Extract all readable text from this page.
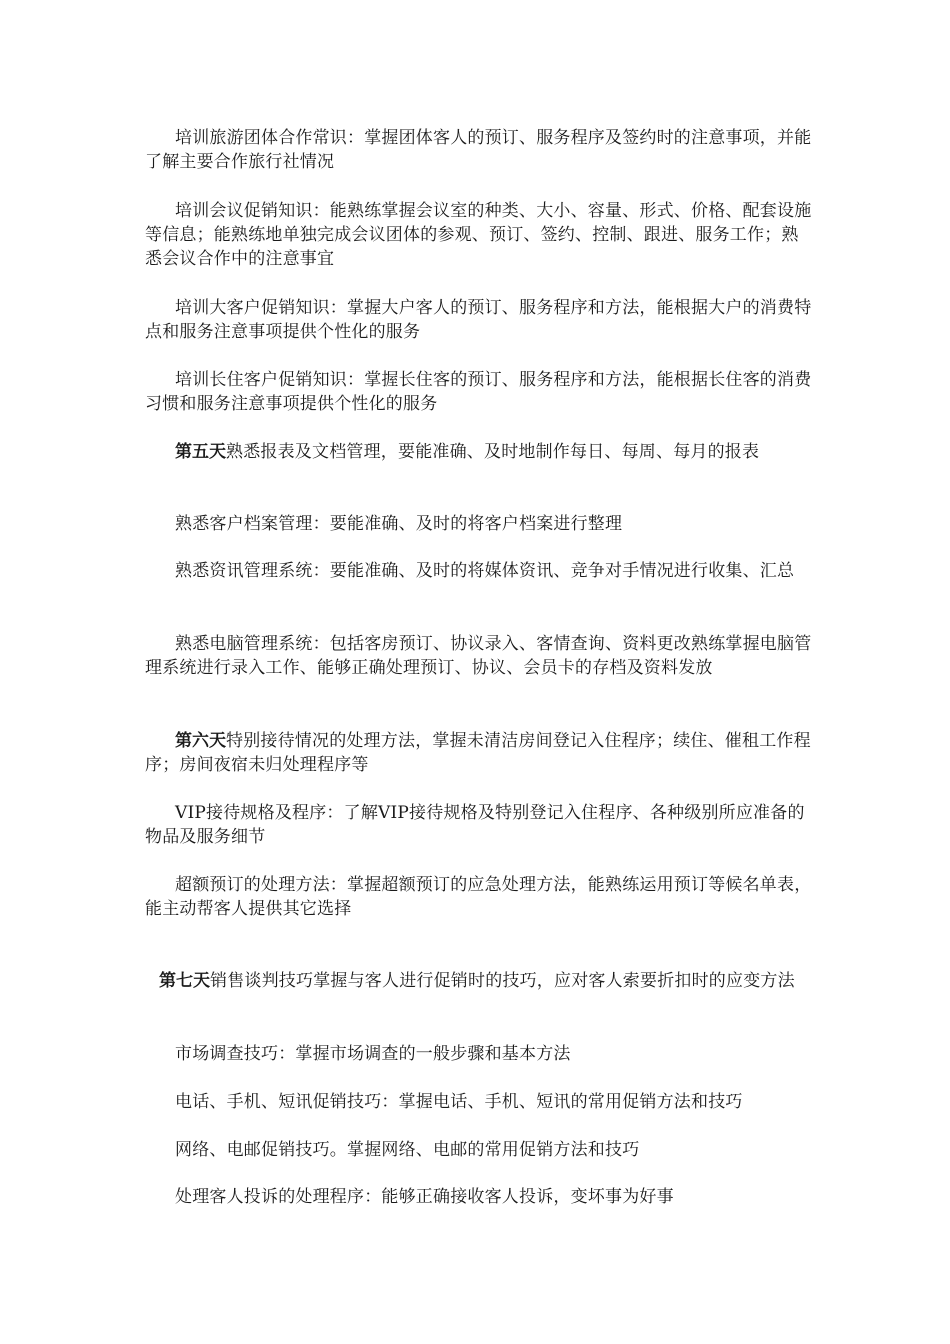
培训旅游团体合作常识：掌握团体客人的预订、服务程序及签约时的注意事项，并能了解主要合作旅行社情况

培训会议促销知识：能熟练掌握会议室的种类、大小、容量、形式、价格、配套设施等信息；能熟练地单独完成会议团体的参观、预订、签约、控制、跟进、服务工作；熟悉会议合作中的注意事宜

培训大客户促销知识：掌握大户客人的预订、服务程序和方法，能根据大户的消费特点和服务注意事项提供个性化的服务

培训长住客户促销知识：掌握长住客的预订、服务程序和方法，能根据长住客的消费习惯和服务注意事项提供个性化的服务

第五天熟悉报表及文档管理，要能准确、及时地制作每日、每周、每月的报表

熟悉客户档案管理：要能准确、及时的将客户档案进行整理

熟悉资讯管理系统：要能准确、及时的将媒体资讯、竞争对手情况进行收集、汇总

熟悉电脑管理系统：包括客房预订、协议录入、客情查询、资料更改熟练掌握电脑管理系统进行录入工作、能够正确处理预订、协议、会员卡的存档及资料发放

第六天特别接待情况的处理方法，掌握未清洁房间登记入住程序；续住、催租工作程序；房间夜宿未归处理程序等

VIP接待规格及程序：了解VIP接待规格及特别登记入住程序、各种级别所应准备的物品及服务细节

超额预订的处理方法：掌握超额预订的应急处理方法，能熟练运用预订等候名单表，能主动帮客人提供其它选择

第七天销售谈判技巧掌握与客人进行促销时的技巧，应对客人索要折扣时的应变方法

市场调查技巧：掌握市场调查的一般步骤和基本方法

电话、手机、短讯促销技巧：掌握电话、手机、短讯的常用促销方法和技巧

网络、电邮促销技巧。掌握网络、电邮的常用促销方法和技巧

处理客人投诉的处理程序：能够正确接收客人投诉，变坏事为好事
